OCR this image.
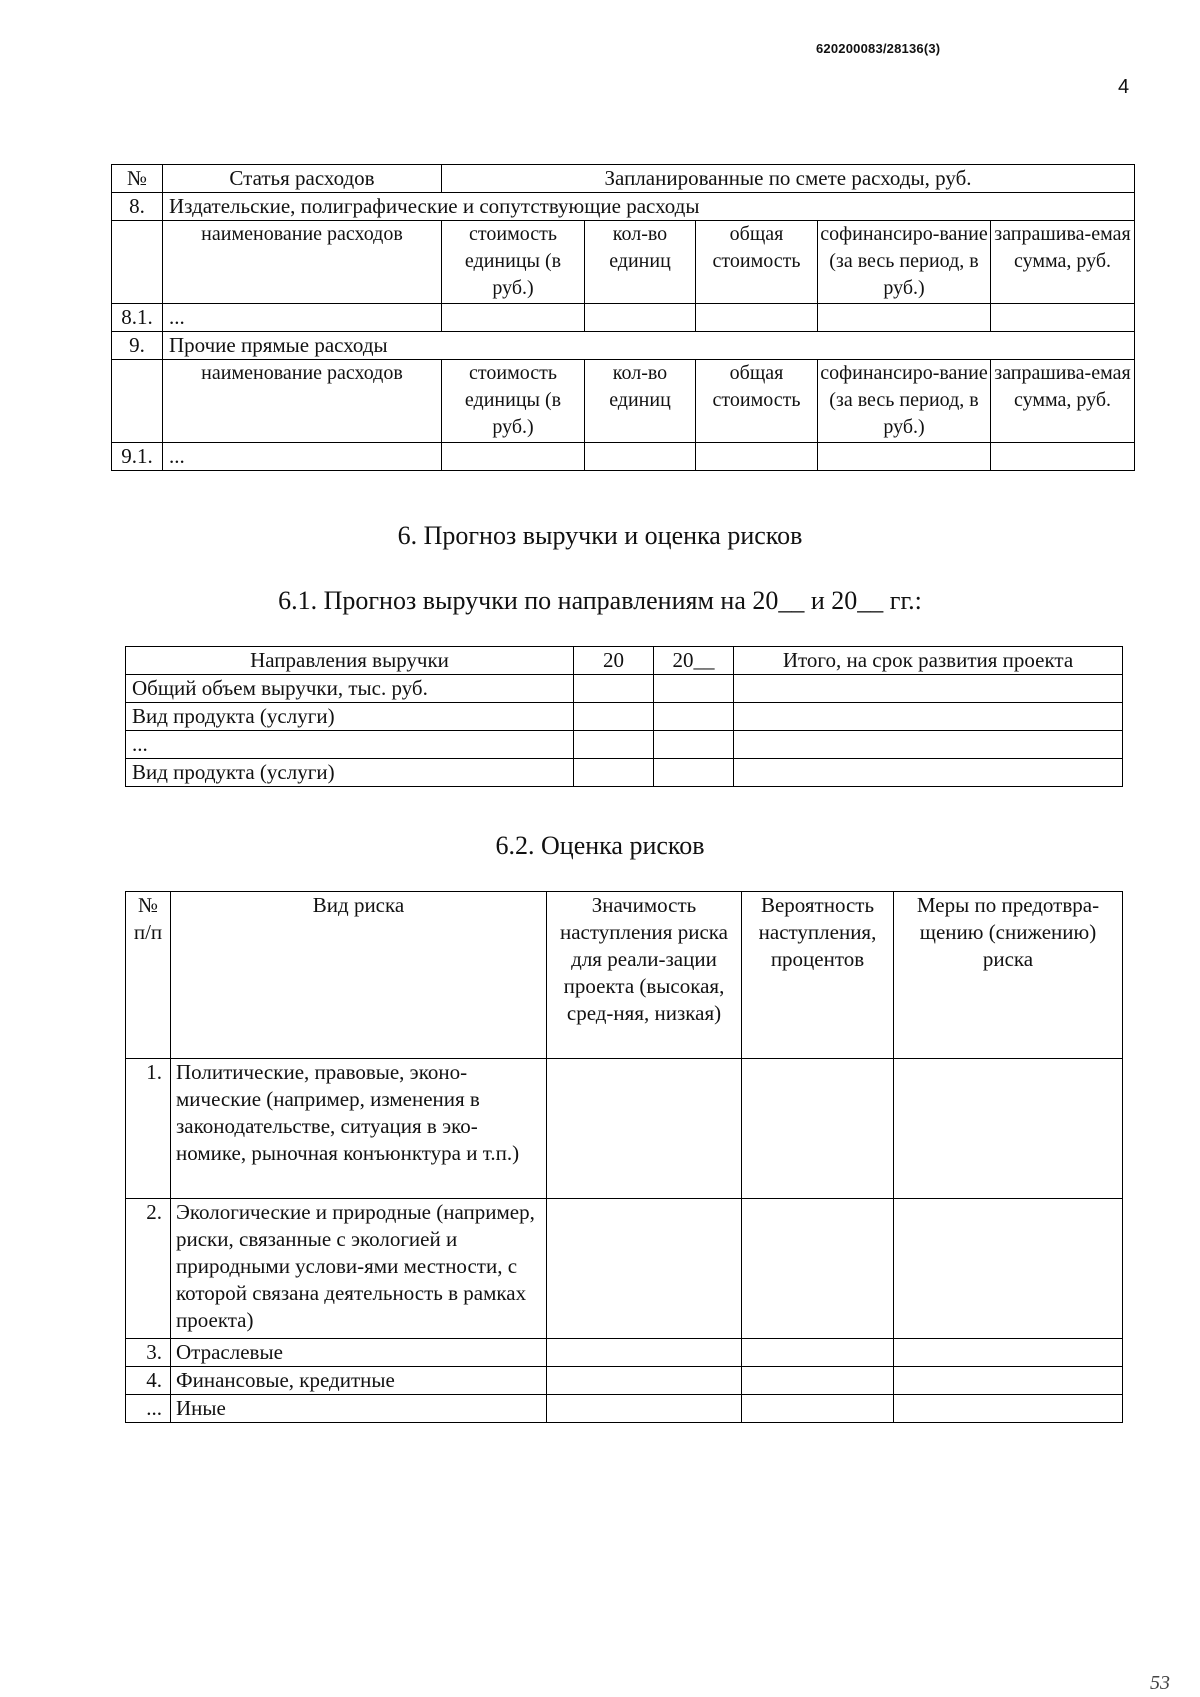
620200083/28136(3)
4
№	Статья расходов	Запланированные по смете расходы, руб.				
8.	Издательские, полиграфические и сопутствующие расходы					
	наименование расходов	стоимость единицы (в руб.)	кол-во единиц	общая стоимость	софинансиро-вание (за весь период, в руб.)	запрашива-емая сумма, руб.
8.1.	...					
9.	Прочие прямые расходы					
	наименование расходов	стоимость единицы (в руб.)	кол-во единиц	общая стоимость	софинансиро-вание (за весь период, в руб.)	запрашива-емая сумма, руб.
9.1.	...					
6. Прогноз выручки и оценка рисков
6.1. Прогноз выручки по направлениям на 20__ и 20__ гг.:
Направления выручки	20	20__	Итого, на срок развития проекта
Общий объем выручки, тыс. руб.			
Вид продукта (услуги)			
...			
Вид продукта (услуги)			
6.2. Оценка рисков
№ п/п	Вид риска	Значимость наступления риска для реали-зации проекта (высокая, сред-няя, низкая)	Вероятность наступления, процентов	Меры по предотвра-щению (снижению) риска
1.	Политические, правовые, эконо-мические (например, изменения в законодательстве, ситуация в эко-номике, рыночная конъюнктура и т.п.)			
2.	Экологические и природные (например, риски, связанные с экологией и природными услови-ями местности, с которой связана деятельность в рамках проекта)			
3.	Отраслевые			
4.	Финансовые, кредитные			
...	Иные			
53
